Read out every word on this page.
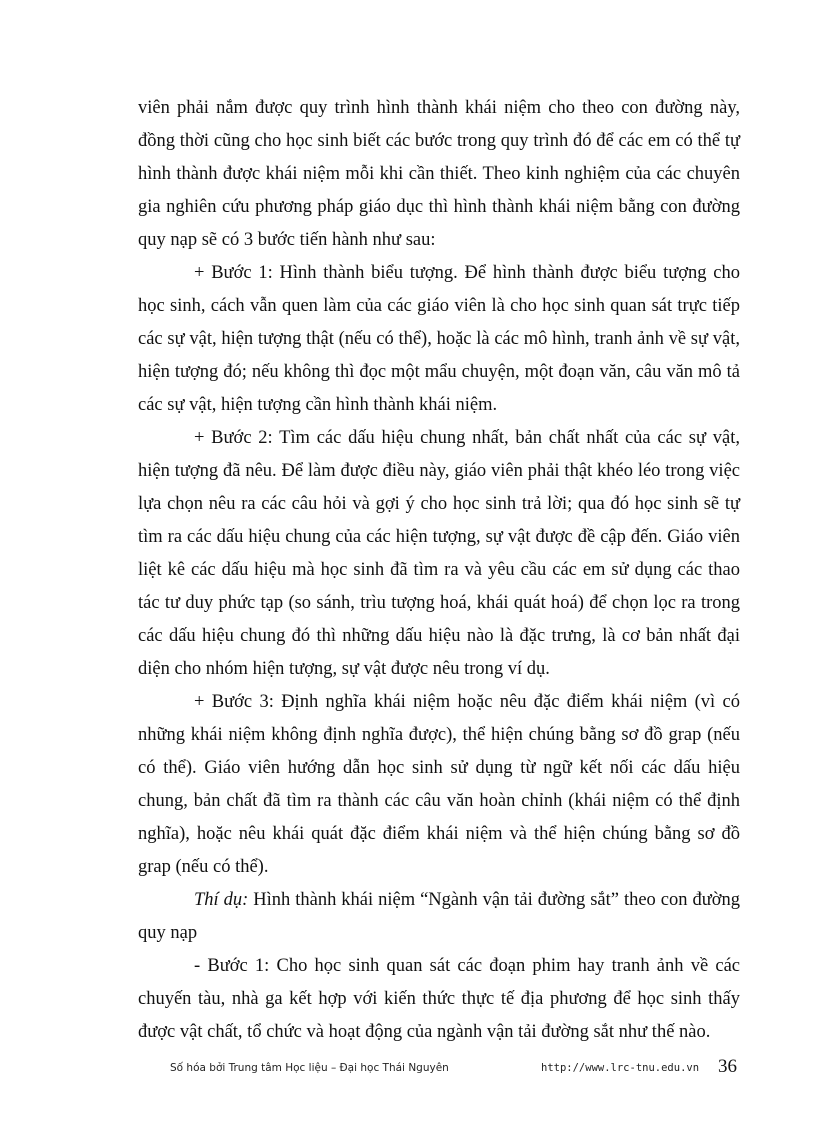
viên phải nắm được quy trình hình thành khái niệm cho theo con đường này, đồng thời cũng cho học sinh biết các bước trong quy trình đó để các em có thể tự hình thành được khái niệm mỗi khi cần thiết. Theo kinh nghiệm của các chuyên gia nghiên cứu phương pháp giáo dục thì hình thành khái niệm bằng con đường quy nạp sẽ có 3 bước tiến hành như sau:

+ Bước 1: Hình thành biểu tượng. Để hình thành được biểu tượng cho học sinh, cách vẫn quen làm của các giáo viên là cho học sinh quan sát trực tiếp các sự vật, hiện tượng thật (nếu có thể), hoặc là các mô hình, tranh ảnh về sự vật, hiện tượng đó; nếu không thì đọc một mẩu chuyện, một đoạn văn, câu văn mô tả các sự vật, hiện tượng cần hình thành khái niệm.

+ Bước 2: Tìm các dấu hiệu chung nhất, bản chất nhất của các sự vật, hiện tượng đã nêu. Để làm được điều này, giáo viên phải thật khéo léo trong việc lựa chọn nêu ra các câu hỏi và gợi ý cho học sinh trả lời; qua đó học sinh sẽ tự tìm ra các dấu hiệu chung của các hiện tượng, sự vật được đề cập đến. Giáo viên liệt kê các dấu hiệu mà học sinh đã tìm ra và yêu cầu các em sử dụng các thao tác tư duy phức tạp (so sánh, trìu tượng hoá, khái quát hoá) để chọn lọc ra trong các dấu hiệu chung đó thì những dấu hiệu nào là đặc trưng, là cơ bản nhất đại diện cho nhóm hiện tượng, sự vật được nêu trong ví dụ.

+ Bước 3: Định nghĩa khái niệm hoặc nêu đặc điểm khái niệm (vì có những khái niệm không định nghĩa được), thể hiện chúng bằng sơ đồ grap (nếu có thể). Giáo viên hướng dẫn học sinh sử dụng từ ngữ kết nối các dấu hiệu chung, bản chất đã tìm ra thành các câu văn hoàn chỉnh (khái niệm có thể định nghĩa), hoặc nêu khái quát đặc điểm khái niệm và thể hiện chúng bằng sơ đồ grap (nếu có thể).

Thí dụ: Hình thành khái niệm “Ngành vận tải đường sắt” theo con đường quy nạp

- Bước 1: Cho học sinh quan sát các đoạn phim hay tranh ảnh về các chuyến tàu, nhà ga kết hợp với kiến thức thực tế địa phương để học sinh thấy được vật chất, tổ chức và hoạt động của ngành vận tải đường sắt như thế nào.

Số hóa bởi Trung tâm Học liệu – Đại học Thái Nguyên	http://www.lrc-tnu.edu.vn 36
